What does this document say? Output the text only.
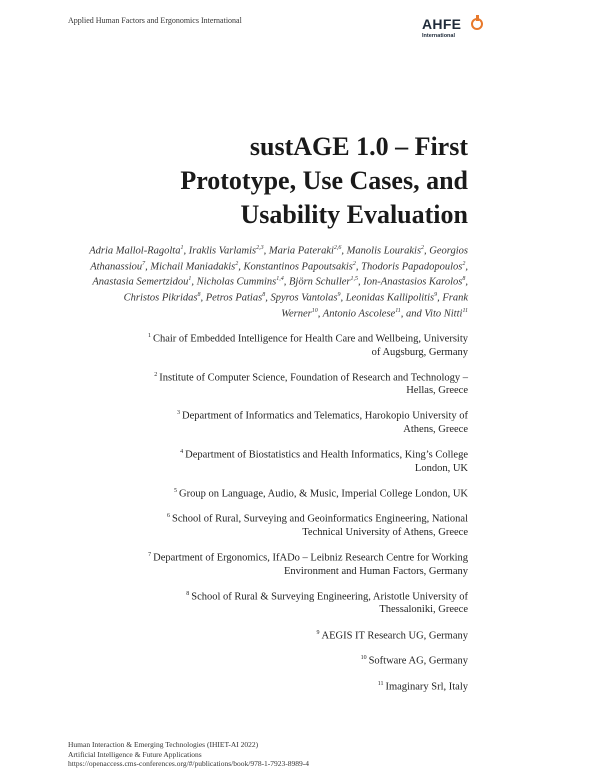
Applied Human Factors and Ergonomics International	AHFE
International
sustAGE 1.0 – First
Prototype, Use Cases, and
Usability Evaluation
Adria Mallol-Ragolta$^1$, Iraklis Varlamis$^{2,3}$, Maria Pateraki$^{2,6}$, Manolis Lourakis$^2$, Georgios Athanassiou$^7$, Michail Maniadakis$^2$, Konstantinos Papoutsakis$^2$, Thodoris Papadopoulos$^2$, Anastasia Semertzidou$^1$, Nicholas Cummins$^{1,4}$, Björn Schuller$^{1,5}$, Ion-Anastasios Karolos$^8$, Christos Pikridas$^8$, Petros Patias$^8$, Spyros Vantolas$^9$, Leonidas Kallipolitis$^9$, Frank Werner$^{10}$, Antonio Ascolese$^{11}$, and Vito Nitti$^{11}$
$^1$ Chair of Embedded Intelligence for Health Care and Wellbeing, University
of Augsburg, Germany
$^2$ Institute of Computer Science, Foundation of Research and Technology –
Hellas, Greece
$^3$ Department of Informatics and Telematics, Harokopio University of
Athens, Greece
$^4$ Department of Biostatistics and Health Informatics, King’s College
London, UK
$^5$ Group on Language, Audio, & Music, Imperial College London, UK
$^6$ School of Rural, Surveying and Geoinformatics Engineering, National
Technical University of Athens, Greece
$^7$ Department of Ergonomics, IfADo – Leibniz Research Centre for Working
Environment and Human Factors, Germany
$^8$ School of Rural & Surveying Engineering, Aristotle University of
Thessaloniki, Greece
$^9$ AEGIS IT Research UG, Germany
$^{10}$ Software AG, Germany
$^{11}$ Imaginary Srl, Italy
Human Interaction & Emerging Technologies (IHIET-AI 2022)
Artificial Intelligence & Future Applications
https://openaccess.cms-conferences.org/#/publications/book/978-1-7923-8989-4
